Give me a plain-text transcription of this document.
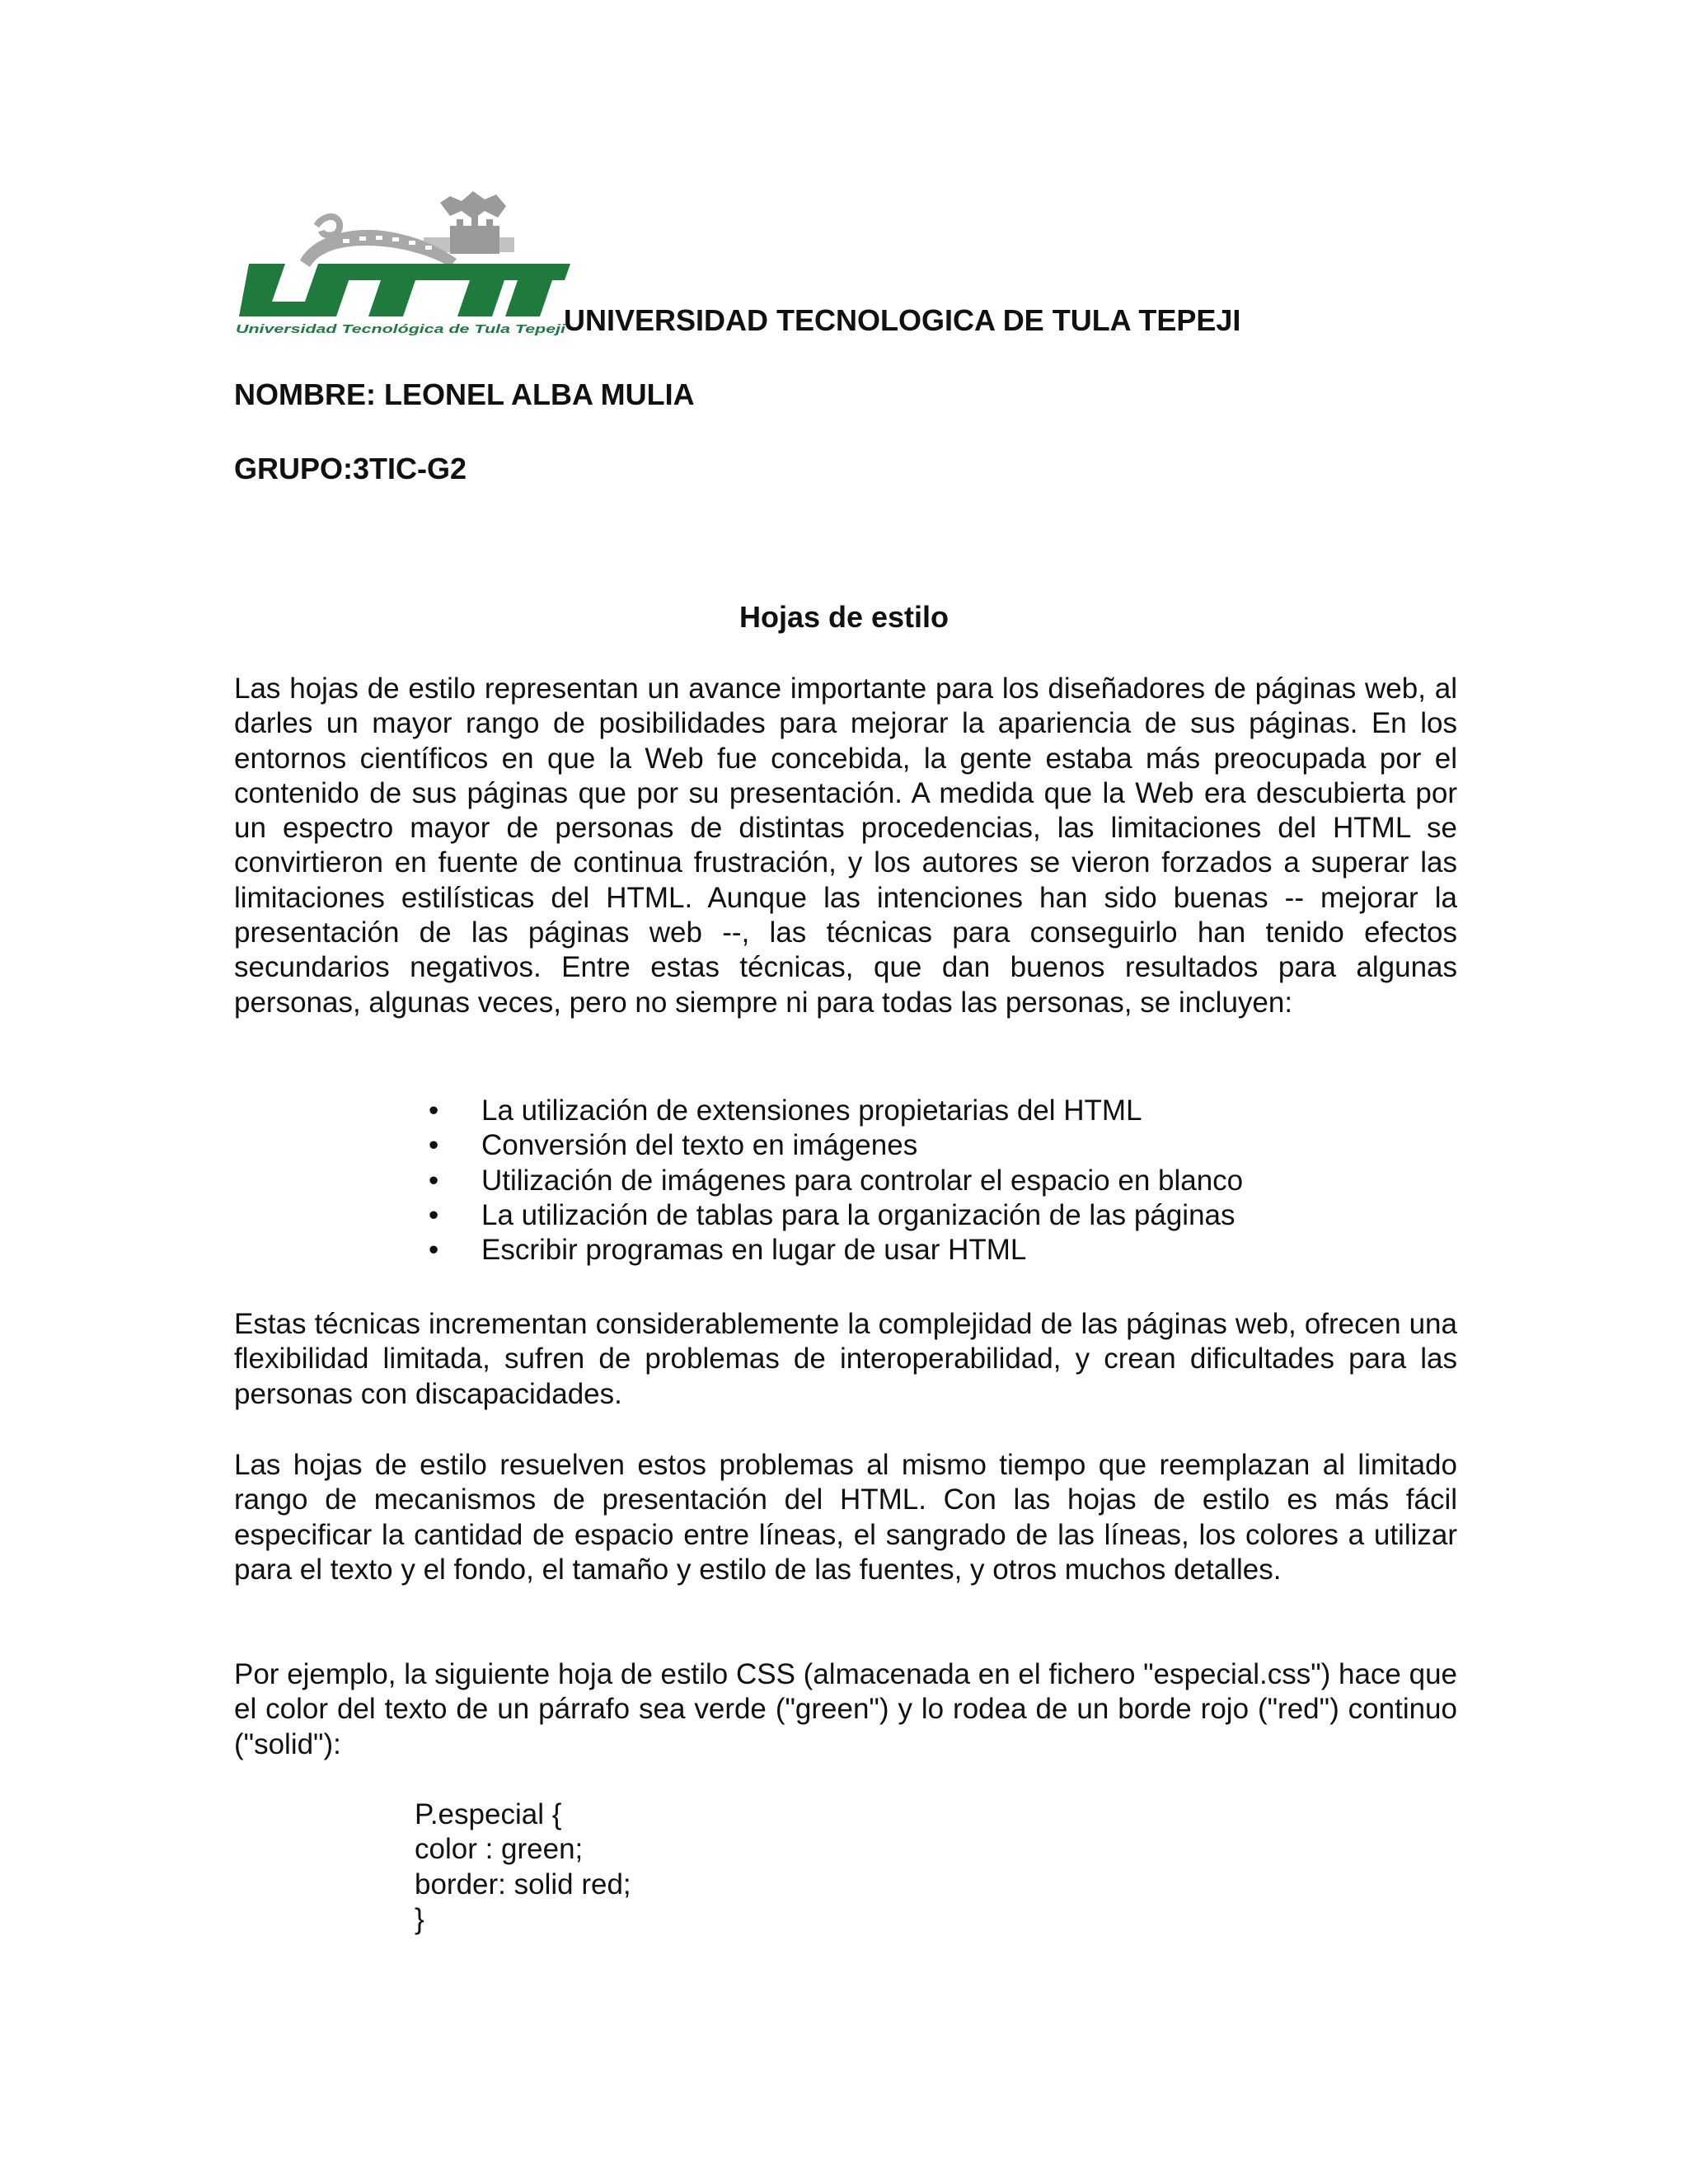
Universidad Tecnológica de Tula Tepeji
UNIVERSIDAD TECNOLOGICA DE TULA TEPEJI
NOMBRE: LEONEL ALBA MULIA
GRUPO:3TIC-G2
Hojas de estilo

Las hojas de estilo representan un avance importante para los diseñadores de páginas web, al darles un mayor rango de posibilidades para mejorar la apariencia de sus páginas. En los entornos científicos en que la Web fue concebida, la gente estaba más preocupada por el contenido de sus páginas que por su presentación. A medida que la Web era descubierta por un espectro mayor de personas de distintas procedencias, las limitaciones del HTML se convirtieron en fuente de continua frustración, y los autores se vieron forzados a superar las limitaciones estilísticas del HTML. Aunque las intenciones han sido buenas -- mejorar la presentación de las páginas web --, las técnicas para conseguirlo han tenido efectos secundarios negativos. Entre estas técnicas, que dan buenos resultados para algunas personas, algunas veces, pero no siempre ni para todas las personas, se incluyen:

• La utilización de extensiones propietarias del HTML
• Conversión del texto en imágenes
• Utilización de imágenes para controlar el espacio en blanco
• La utilización de tablas para la organización de las páginas
• Escribir programas en lugar de usar HTML

Estas técnicas incrementan considerablemente la complejidad de las páginas web, ofrecen una flexibilidad limitada, sufren de problemas de interoperabilidad, y crean dificultades para las personas con discapacidades.

Las hojas de estilo resuelven estos problemas al mismo tiempo que reemplazan al limitado rango de mecanismos de presentación del HTML. Con las hojas de estilo es más fácil especificar la cantidad de espacio entre líneas, el sangrado de las líneas, los colores a utilizar para el texto y el fondo, el tamaño y estilo de las fuentes, y otros muchos detalles.

Por ejemplo, la siguiente hoja de estilo CSS (almacenada en el fichero "especial.css") hace que el color del texto de un párrafo sea verde ("green") y lo rodea de un borde rojo ("red") continuo ("solid"):

P.especial {
color : green;
border: solid red;
}
